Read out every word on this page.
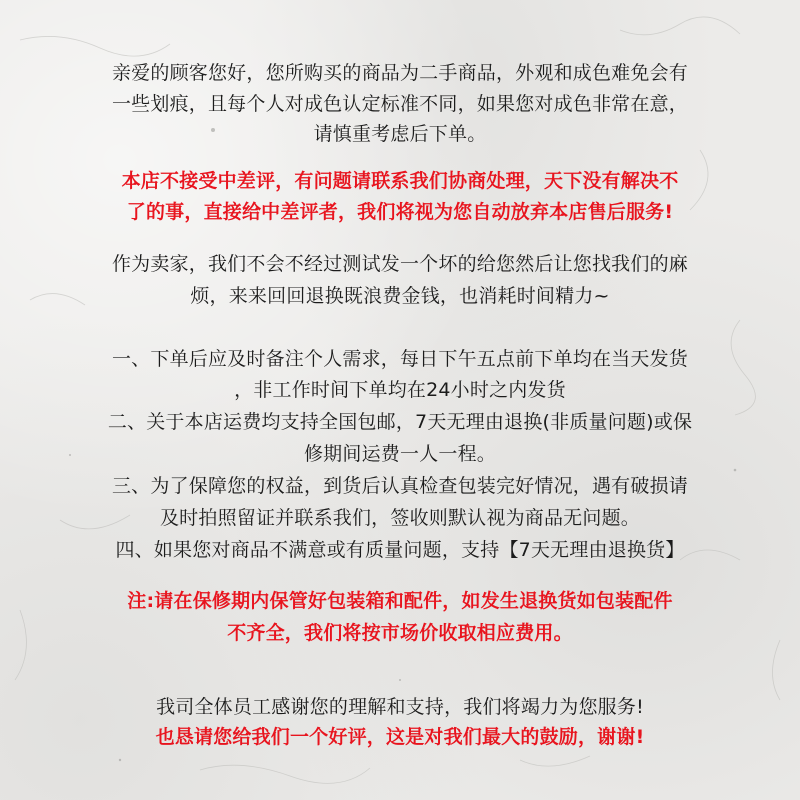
亲爱的顾客您好，您所购买的商品为二手商品，外观和成色难免会有
一些划痕，且每个人对成色认定标准不同，如果您对成色非常在意，
请慎重考虑后下单。
本店不接受中差评，有问题请联系我们协商处理，天下没有解决不
了的事，直接给中差评者，我们将视为您自动放弃本店售后服务!
作为卖家，我们不会不经过测试发一个坏的给您然后让您找我们的麻
烦，来来回回退换既浪费金钱，也消耗时间精力~
一、下单后应及时备注个人需求，每日下午五点前下单均在当天发货
，非工作时间下单均在24小时之内发货
二、关于本店运费均支持全国包邮，7天无理由退换(非质量问题)或保
修期间运费一人一程。
三、为了保障您的权益，到货后认真检查包装完好情况，遇有破损请
及时拍照留证并联系我们，签收则默认视为商品无问题。
四、如果您对商品不满意或有质量问题，支持【7天无理由退换货】
注:请在保修期内保管好包装箱和配件，如发生退换货如包装配件
不齐全，我们将按市场价收取相应费用。
我司全体员工感谢您的理解和支持，我们将竭力为您服务!
也恳请您给我们一个好评，这是对我们最大的鼓励，谢谢!
